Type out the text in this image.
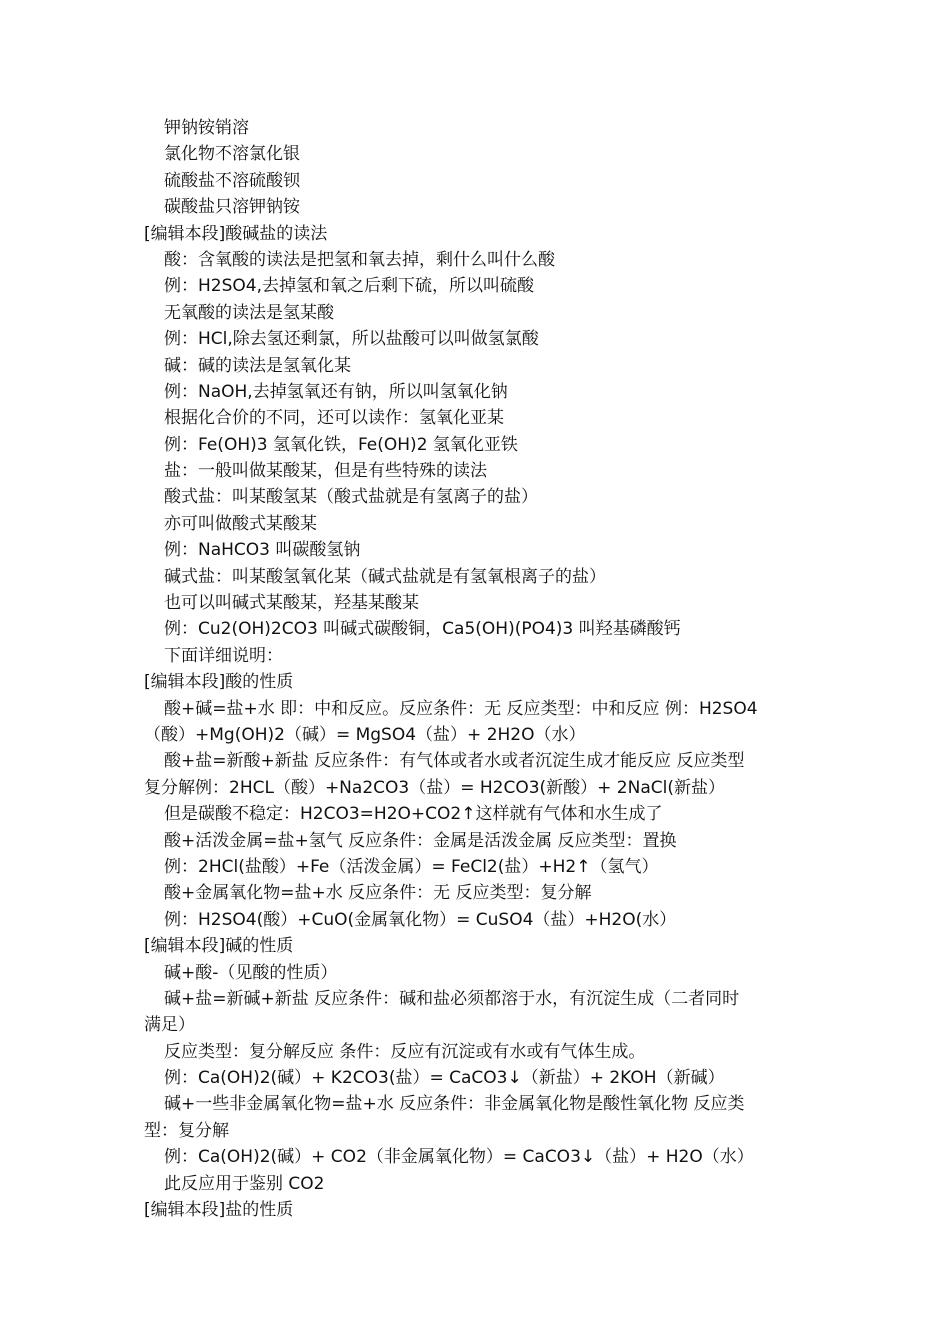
钾钠铵销溶
氯化物不溶氯化银
硫酸盐不溶硫酸钡
碳酸盐只溶钾钠铵
[编辑本段]酸碱盐的读法
酸：含氧酸的读法是把氢和氧去掉，剩什么叫什么酸
例：H2SO4,去掉氢和氧之后剩下硫，所以叫硫酸
无氧酸的读法是氢某酸
例：HCl,除去氢还剩氯，所以盐酸可以叫做氢氯酸
碱：碱的读法是氢氧化某
例：NaOH,去掉氢氧还有钠，所以叫氢氧化钠
根据化合价的不同，还可以读作：氢氧化亚某
例：Fe(OH)3 氢氧化铁，Fe(OH)2 氢氧化亚铁
盐：一般叫做某酸某，但是有些特殊的读法
酸式盐：叫某酸氢某（酸式盐就是有氢离子的盐）
亦可叫做酸式某酸某
例：NaHCO3 叫碳酸氢钠
碱式盐：叫某酸氢氧化某（碱式盐就是有氢氧根离子的盐）
也可以叫碱式某酸某，羟基某酸某
例：Cu2(OH)2CO3 叫碱式碳酸铜，Ca5(OH)(PO4)3 叫羟基磷酸钙
下面详细说明：
[编辑本段]酸的性质
酸+碱=盐+水 即：中和反应。反应条件：无 反应类型：中和反应 例：H2SO4
（酸）+Mg(OH)2（碱）= MgSO4（盐）+ 2H2O（水）
酸+盐=新酸+新盐 反应条件：有气体或者水或者沉淀生成才能反应 反应类型
复分解例：2HCL（酸）+Na2CO3（盐）= H2CO3(新酸）+ 2NaCl(新盐）
但是碳酸不稳定：H2CO3=H2O+CO2↑这样就有气体和水生成了
酸+活泼金属=盐+氢气 反应条件：金属是活泼金属 反应类型：置换
例：2HCl(盐酸）+Fe（活泼金属）= FeCl2(盐）+H2↑（氢气）
酸+金属氧化物=盐+水 反应条件：无 反应类型：复分解
例：H2SO4(酸）+CuO(金属氧化物）= CuSO4（盐）+H2O(水）
[编辑本段]碱的性质
碱+酸-（见酸的性质）
碱+盐=新碱+新盐 反应条件：碱和盐必须都溶于水，有沉淀生成（二者同时
满足）
反应类型：复分解反应 条件：反应有沉淀或有水或有气体生成。
例：Ca(OH)2(碱）+ K2CO3(盐）= CaCO3↓（新盐）+ 2KOH（新碱）
碱+一些非金属氧化物=盐+水 反应条件：非金属氧化物是酸性氧化物 反应类
型：复分解
例：Ca(OH)2(碱）+ CO2（非金属氧化物）= CaCO3↓（盐）+ H2O（水）
此反应用于鉴别 CO2
[编辑本段]盐的性质
